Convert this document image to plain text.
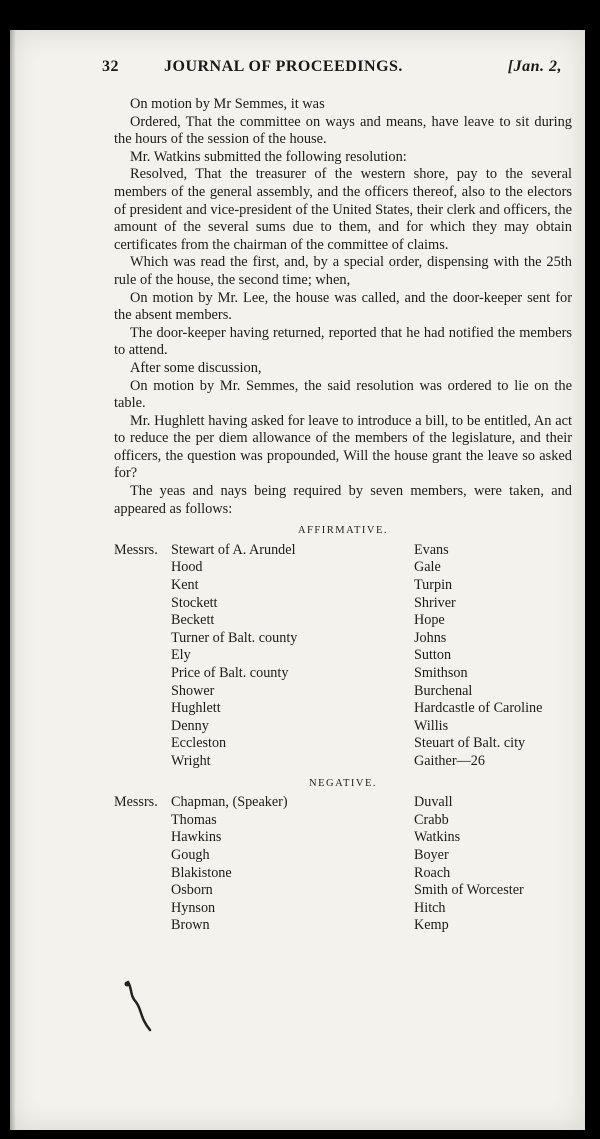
32	JOURNAL OF PROCEEDINGS.	[Jan. 2,

On motion by Mr Semmes, it was

Ordered, That the committee on ways and means, have leave to sit during the hours of the session of the house.

Mr. Watkins submitted the following resolution:

Resolved, That the treasurer of the western shore, pay to the several members of the general assembly, and the officers thereof, also to the electors of president and vice-president of the United States, their clerk and officers, the amount of the several sums due to them, and for which they may obtain certificates from the chairman of the committee of claims.

Which was read the first, and, by a special order, dispensing with the 25th rule of the house, the second time; when,

On motion by Mr. Lee, the house was called, and the door-keeper sent for the absent members.

The door-keeper having returned, reported that he had notified the members to attend.

After some discussion,

On motion by Mr. Semmes, the said resolution was ordered to lie on the table.

Mr. Hughlett having asked for leave to introduce a bill, to be entitled, An act to reduce the per diem allowance of the members of the legislature, and their officers, the question was propounded, Will the house grant the leave so asked for?

The yeas and nays being required by seven members, were taken, and appeared as follows:

AFFIRMATIVE.
Messrs. Stewart of A. Arundel
Hood
Kent
Stockett
Beckett
Turner of Balt. county
Ely
Price of Balt. county
Shower
Hughlett
Denny
Eccleston
Wright
Evans
Gale
Turpin
Shriver
Hope
Johns
Sutton
Smithson
Burchenal
Hardcastle of Caroline
Willis
Steuart of Balt. city
Gaither—26
NEGATIVE.
Messrs. Chapman, (Speaker)
Thomas
Hawkins
Gough
Blakistone
Osborn
Hynson
Brown
Duvall
Crabb
Watkins
Boyer
Roach
Smith of Worcester
Hitch
Kemp
